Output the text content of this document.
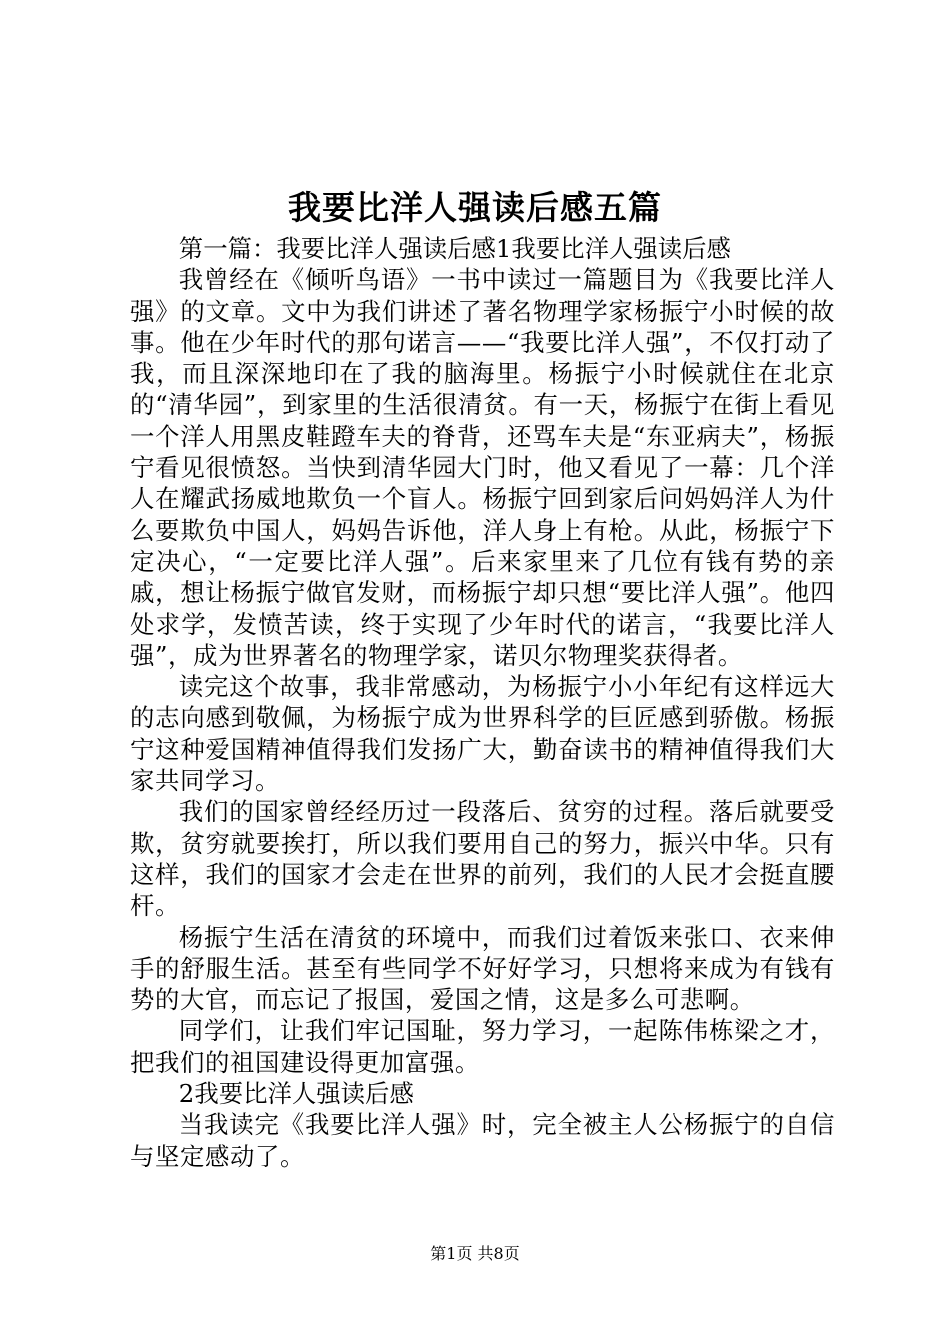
我要比洋人强读后感五篇

第一篇：我要比洋人强读后感1我要比洋人强读后感

我曾经在《倾听鸟语》一书中读过一篇题目为《我要比洋人强》的文章。文中为我们讲述了著名物理学家杨振宁小时候的故事。他在少年时代的那句诺言——“我要比洋人强”，不仅打动了我，而且深深地印在了我的脑海里。杨振宁小时候就住在北京的“清华园”，到家里的生活很清贫。有一天，杨振宁在街上看见一个洋人用黑皮鞋蹬车夫的脊背，还骂车夫是“东亚病夫”，杨振宁看见很愤怒。当快到清华园大门时，他又看见了一幕：几个洋人在耀武扬威地欺负一个盲人。杨振宁回到家后问妈妈洋人为什么要欺负中国人，妈妈告诉他，洋人身上有枪。从此，杨振宁下定决心，“一定要比洋人强”。后来家里来了几位有钱有势的亲戚，想让杨振宁做官发财，而杨振宁却只想“要比洋人强”。他四处求学，发愤苦读，终于实现了少年时代的诺言，“我要比洋人强”，成为世界著名的物理学家，诺贝尔物理奖获得者。

读完这个故事，我非常感动，为杨振宁小小年纪有这样远大的志向感到敬佩，为杨振宁成为世界科学的巨匠感到骄傲。杨振宁这种爱国精神值得我们发扬广大，勤奋读书的精神值得我们大家共同学习。

我们的国家曾经经历过一段落后、贫穷的过程。落后就要受欺，贫穷就要挨打，所以我们要用自己的努力，振兴中华。只有这样，我们的国家才会走在世界的前列，我们的人民才会挺直腰杆。

杨振宁生活在清贫的环境中，而我们过着饭来张口、衣来伸手的舒服生活。甚至有些同学不好好学习，只想将来成为有钱有势的大官，而忘记了报国，爱国之情，这是多么可悲啊。

同学们，让我们牢记国耻，努力学习，一起陈伟栋梁之才，把我们的祖国建设得更加富强。

2我要比洋人强读后感

当我读完《我要比洋人强》时，完全被主人公杨振宁的自信与坚定感动了。

第1页 共8页
